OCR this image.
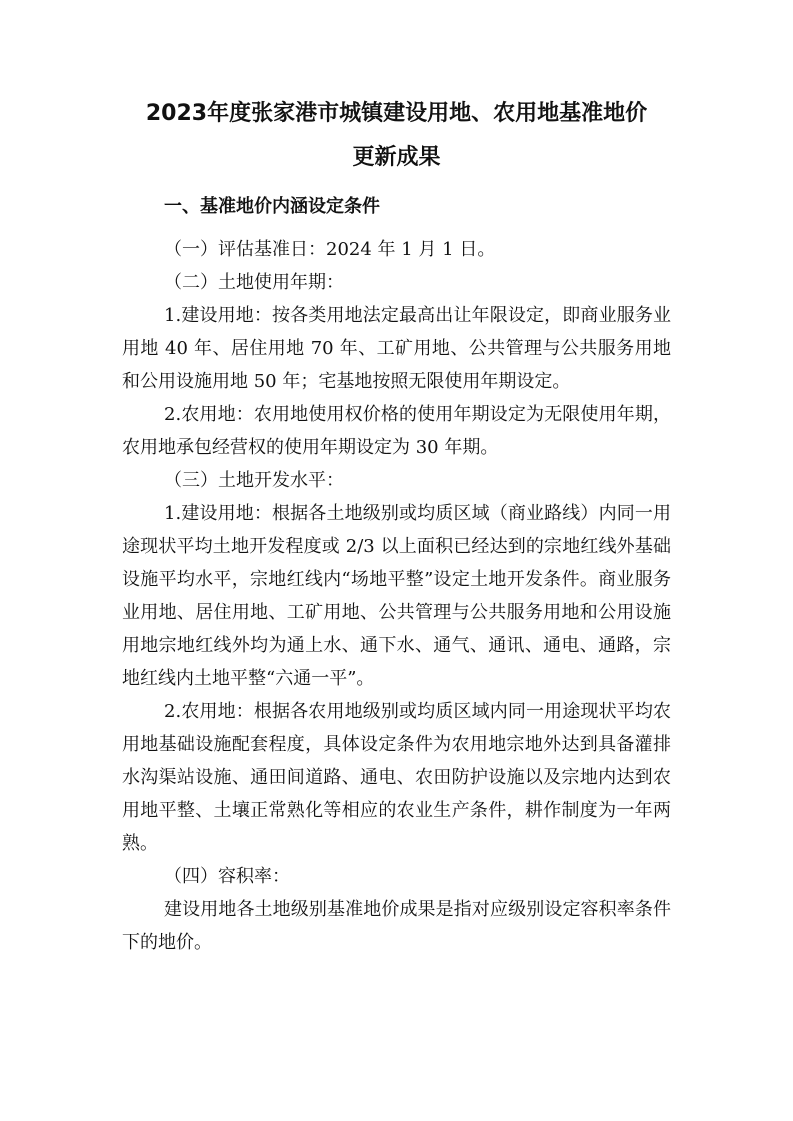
2023年度张家港市城镇建设用地、农用地基准地价
更新成果
一、基准地价内涵设定条件

（一）评估基准日：2024 年 1 月 1 日。

（二）土地使用年期：

1.建设用地：按各类用地法定最高出让年限设定，即商业服务业用地 40 年、居住用地 70 年、工矿用地、公共管理与公共服务用地和公用设施用地 50 年；宅基地按照无限使用年期设定。

2.农用地：农用地使用权价格的使用年期设定为无限使用年期，农用地承包经营权的使用年期设定为 30 年期。

（三）土地开发水平：

1.建设用地：根据各土地级别或均质区域（商业路线）内同一用途现状平均土地开发程度或 2/3 以上面积已经达到的宗地红线外基础设施平均水平，宗地红线内“场地平整”设定土地开发条件。商业服务业用地、居住用地、工矿用地、公共管理与公共服务用地和公用设施用地宗地红线外均为通上水、通下水、通气、通讯、通电、通路，宗地红线内土地平整“六通一平”。

2.农用地：根据各农用地级别或均质区域内同一用途现状平均农用地基础设施配套程度，具体设定条件为农用地宗地外达到具备灌排水沟渠站设施、通田间道路、通电、农田防护设施以及宗地内达到农用地平整、土壤正常熟化等相应的农业生产条件，耕作制度为一年两熟。

（四）容积率：

建设用地各土地级别基准地价成果是指对应级别设定容积率条件下的地价。
